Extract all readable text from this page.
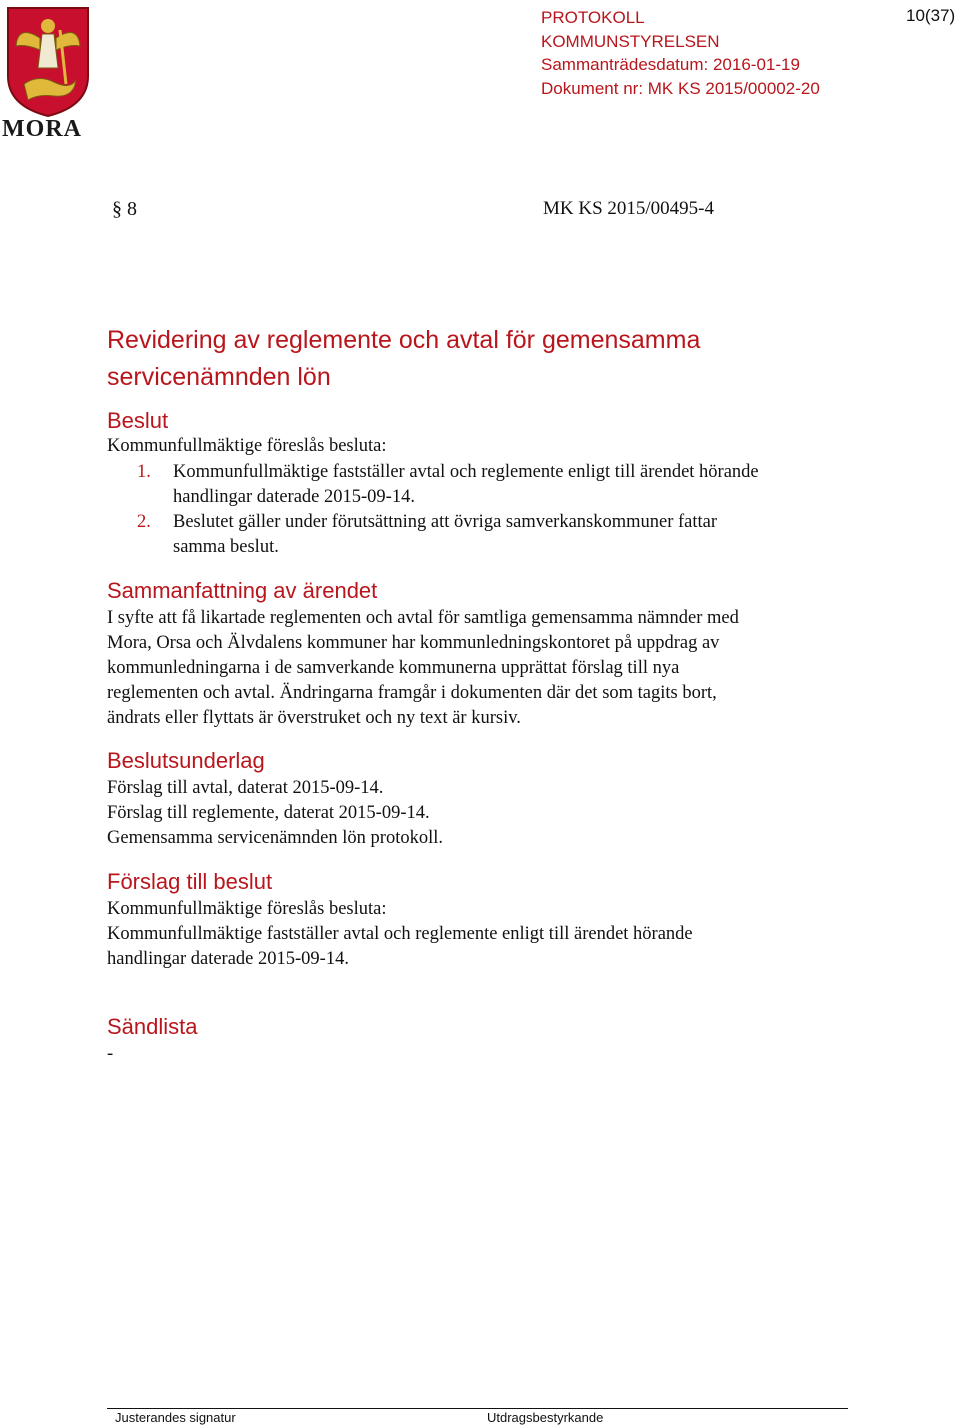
MORA
PROTOKOLL
KOMMUNSTYRELSEN
Sammanträdesdatum: 2016-01-19
Dokument nr: MK KS 2015/00002-20
10(37)
§ 8	MK KS 2015/00495-4
Revidering av reglemente och avtal för gemensamma servicenämnden lön
Beslut
Kommunfullmäktige föreslås besluta:
1. Kommunfullmäktige fastställer avtal och reglemente enligt till ärendet hörande
handlingar daterade 2015-09-14.
2. Beslutet gäller under förutsättning att övriga samverkanskommuner fattar
samma beslut.
Sammanfattning av ärendet
I syfte att få likartade reglementen och avtal för samtliga gemensamma nämnder med
Mora, Orsa och Älvdalens kommuner har kommunledningskontoret på uppdrag av
kommunledningarna i de samverkande kommunerna upprättat förslag till nya
reglementen och avtal. Ändringarna framgår i dokumenten där det som tagits bort,
ändrats eller flyttats är överstruket och ny text är kursiv.
Beslutsunderlag
Förslag till avtal, daterat 2015-09-14.
Förslag till reglemente, daterat 2015-09-14.
Gemensamma servicenämnden lön protokoll.
Förslag till beslut
Kommunfullmäktige föreslås besluta:
Kommunfullmäktige fastställer avtal och reglemente enligt till ärendet hörande
handlingar daterade 2015-09-14.
Sändlista
-
Justerandes signatur	Utdragsbestyrkande
